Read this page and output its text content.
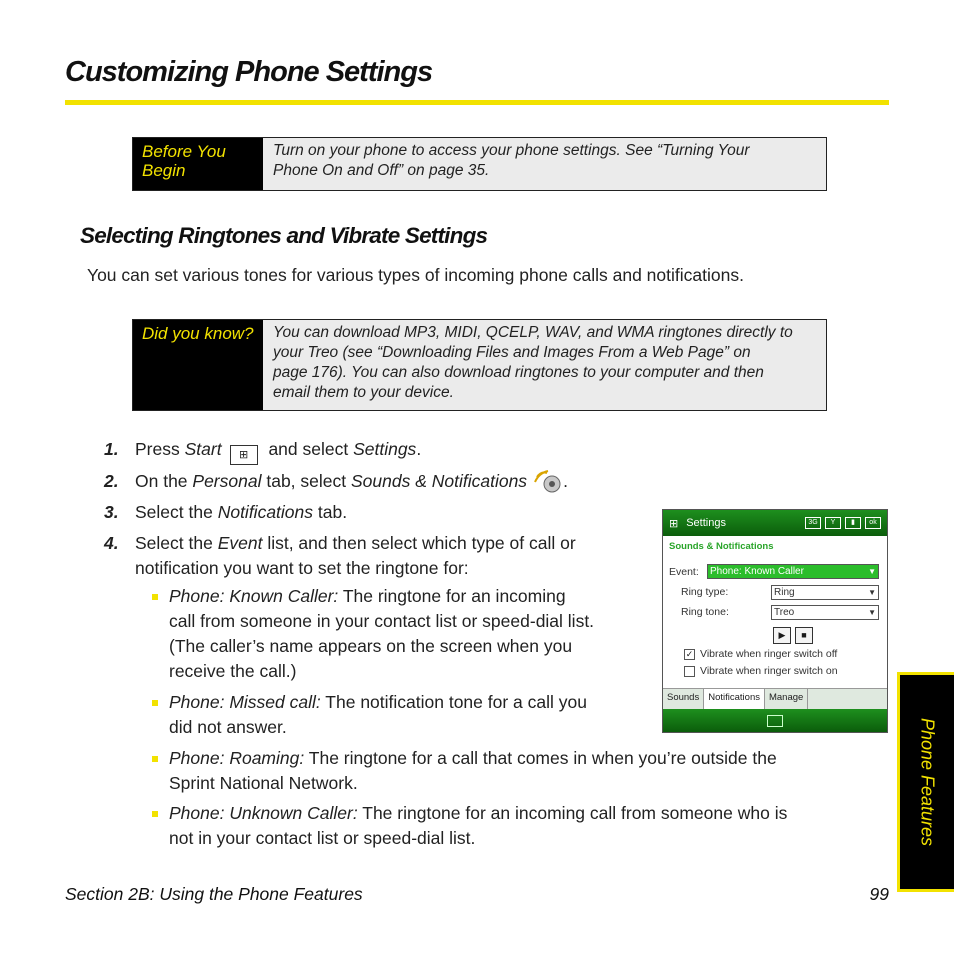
Customizing Phone Settings
Before You
Begin
Turn on your phone to access your phone settings. See “Turning Your
Phone On and Off” on page 35.
Selecting Ringtones and Vibrate Settings
You can set various tones for various types of incoming phone calls and notifications.
Did you know? You can download MP3, MIDI, QCELP, WAV, and WMA ringtones directly to
your Treo (see “Downloading Files and Images From a Web Page” on
page 176). You can also download ringtones to your computer and then
email them to your device.
1. Press Start ⊞ and select Settings.
2. On the Personal tab, select Sounds & Notifications .
3. Select the Notifications tab.
4. Select the Event list, and then select which type of call or
notification you want to set the ringtone for:
Phone: Known Caller: The ringtone for an incoming
call from someone in your contact list or speed-dial list.
(The caller’s name appears on the screen when you
receive the call.)
Phone: Missed call: The notification tone for a call you
did not answer.
Phone: Roaming: The ringtone for a call that comes in when you’re outside the
Sprint National Network.
Phone: Unknown Caller: The ringtone for an incoming call from someone who is
not in your contact list or speed-dial list.
⊞ Settings	3G	Y	▮	ok
Sounds & Notifications
Event:	Phone: Known Caller	▼
Ring type:	Ring	▼
Ring tone:	Treo	▼
▶	■
✓ Vibrate when ringer switch off
Vibrate when ringer switch on
Sounds Notifications Manage
Phone Features
Section 2B: Using the Phone Features	99
